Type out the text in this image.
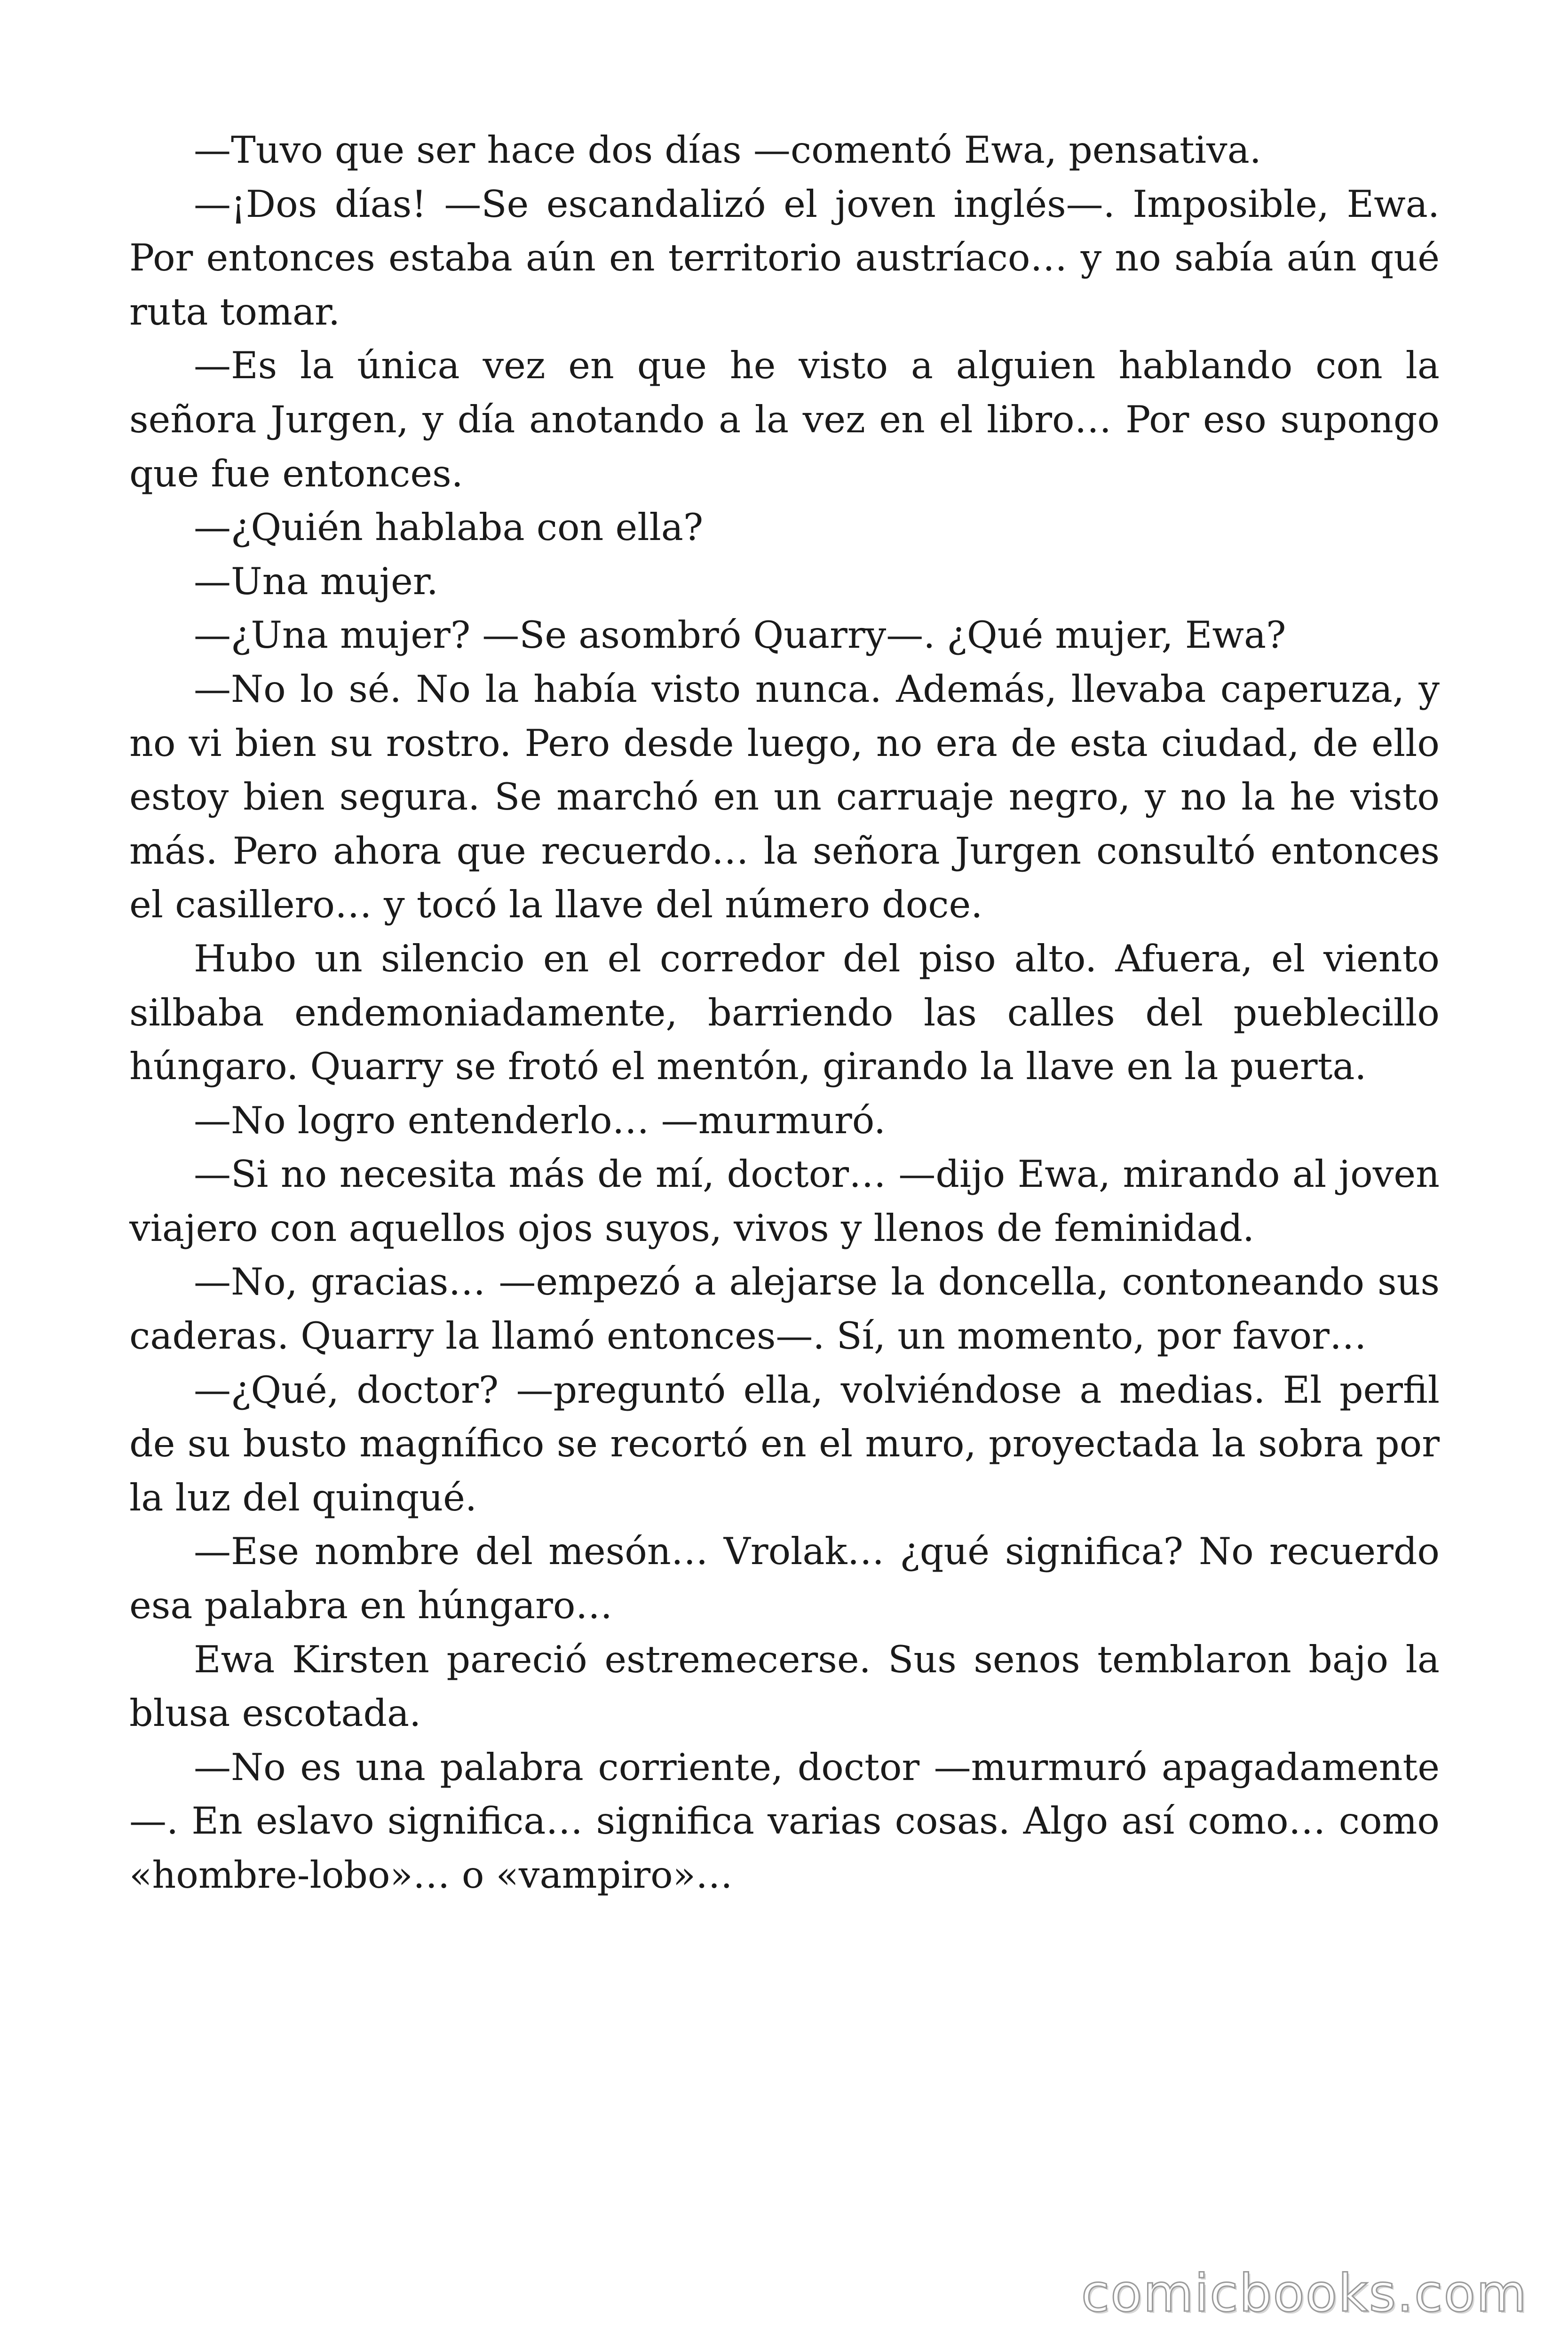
—Tuvo que ser hace dos días —comentó Ewa, pensativa.

—¡Dos días! —Se escandalizó el joven inglés—. Imposible, Ewa. Por entonces estaba aún en territorio austríaco… y no sabía aún qué ruta tomar.

—Es la única vez en que he visto a alguien hablando con la señora Jurgen, y día anotando a la vez en el libro… Por eso supongo que fue entonces.

—¿Quién hablaba con ella?

—Una mujer.

—¿Una mujer? —Se asombró Quarry—. ¿Qué mujer, Ewa?

—No lo sé. No la había visto nunca. Además, llevaba caperuza, y no vi bien su rostro. Pero desde luego, no era de esta ciudad, de ello estoy bien segura. Se marchó en un carruaje negro, y no la he visto más. Pero ahora que recuerdo… la señora Jurgen consultó entonces el casillero… y tocó la llave del número doce.

Hubo un silencio en el corredor del piso alto. Afuera, el viento silbaba endemoniadamente, barriendo las calles del pueblecillo húngaro. Quarry se frotó el mentón, girando la llave en la puerta.

—No logro entenderlo… —murmuró.

—Si no necesita más de mí, doctor… —dijo Ewa, mirando al joven viajero con aquellos ojos suyos, vivos y llenos de feminidad.

—No, gracias… —empezó a alejarse la doncella, contoneando sus caderas. Quarry la llamó entonces—. Sí, un momento, por favor…

—¿Qué, doctor? —preguntó ella, volviéndose a medias. El perfil de su busto magnífico se recortó en el muro, proyectada la sobra por la luz del quinqué.

—Ese nombre del mesón… Vrolak… ¿qué significa? No recuerdo esa palabra en húngaro…

Ewa Kirsten pareció estremecerse. Sus senos temblaron bajo la blusa escotada.

—No es una palabra corriente, doctor —murmuró apagadamente—. En eslavo significa… significa varias cosas. Algo así como… como «hombre-lobo»… o «vampiro»…

comicbooks.com
